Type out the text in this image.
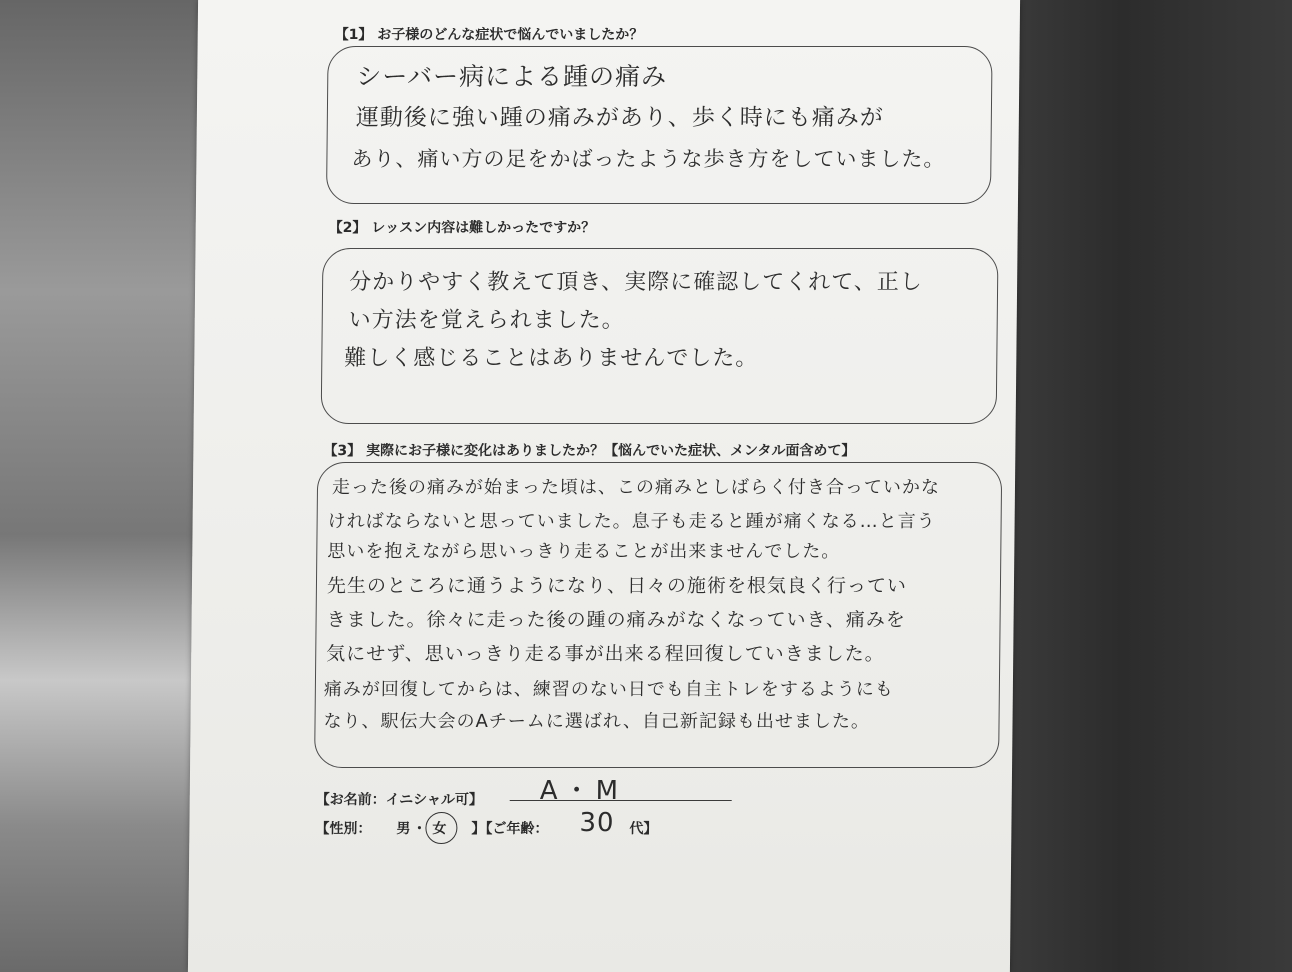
【1】 お子様のどんな症状で悩んでいましたか？
シーバー病による踵の痛み
運動後に強い踵の痛みがあり、歩く時にも痛みが
あり、痛い方の足をかばったような歩き方をしていました。
【2】 レッスン内容は難しかったですか？
分かりやすく教えて頂き、実際に確認してくれて、正し
い方法を覚えられました。
難しく感じることはありませんでした。
【3】 実際にお子様に変化はありましたか？【悩んでいた症状、メンタル面含めて】
走った後の痛みが始まった頃は、この痛みとしばらく付き合っていかな
ければならないと思っていました。息子も走ると踵が痛くなる…と言う
思いを抱えながら思いっきり走ることが出来ませんでした。
先生のところに通うようになり、日々の施術を根気良く行ってい
きました。徐々に走った後の踵の痛みがなくなっていき、痛みを
気にせず、思いっきり走る事が出来る程回復していきました。
痛みが回復してからは、練習のない日でも自主トレをするようにも
なり、駅伝大会のAチームに選ばれ、自己新記録も出せました。
【お名前：イニシャル可】 A・M
【性別： 男 ・ 女 】【ご年齢： 30 代】
